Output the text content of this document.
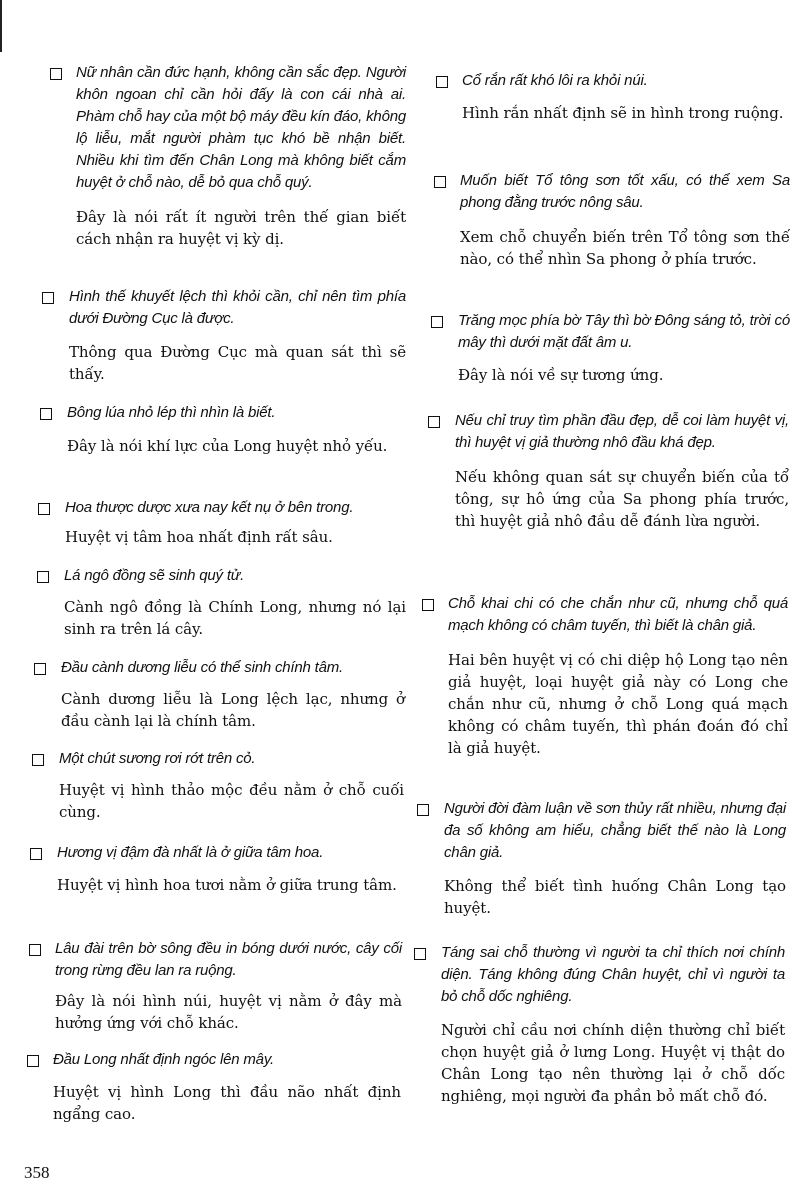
Nữ nhân cần đức hạnh, không cần sắc đẹp. Người khôn ngoan chỉ cần hỏi đấy là con cái nhà ai. Phàm chỗ hay của một bộ máy đều kín đáo, không lộ liễu, mắt người phàm tục khó bề nhận biết. Nhiều khi tìm đến Chân Long mà không biết cắm huyệt ở chỗ nào, dễ bỏ qua chỗ quý.

Đây là nói rất ít người trên thế gian biết cách nhận ra huyệt vị kỳ dị.

Hình thế khuyết lệch thì khỏi cần, chỉ nên tìm phía dưới Đường Cục là được.

Thông qua Đường Cục mà quan sát thì sẽ thấy.

Bông lúa nhỏ lép thì nhìn là biết.

Đây là nói khí lực của Long huyệt nhỏ yếu.

Hoa thược dược xưa nay kết nụ ở bên trong.

Huyệt vị tâm hoa nhất định rất sâu.

Lá ngô đồng sẽ sinh quý tử.

Cành ngô đồng là Chính Long, nhưng nó lại sinh ra trên lá cây.

Đầu cành dương liễu có thể sinh chính tâm.

Cành dương liễu là Long lệch lạc, nhưng ở đầu cành lại là chính tâm.

Một chút sương rơi rớt trên cỏ.

Huyệt vị hình thảo mộc đều nằm ở chỗ cuối cùng.

Hương vị đậm đà nhất là ở giữa tâm hoa.

Huyệt vị hình hoa tươi nằm ở giữa trung tâm.

Lâu đài trên bờ sông đều in bóng dưới nước, cây cối trong rừng đều lan ra ruộng.

Đây là nói hình núi, huyệt vị nằm ở đây mà hưởng ứng với chỗ khác.

Đầu Long nhất định ngóc lên mây.

Huyệt vị hình Long thì đầu não nhất định ngẩng cao.

Cổ rắn rất khó lôi ra khỏi núi.

Hình rắn nhất định sẽ in hình trong ruộng.

Muốn biết Tổ tông sơn tốt xấu, có thể xem Sa phong đằng trước nông sâu.

Xem chỗ chuyển biến trên Tổ tông sơn thế nào, có thể nhìn Sa phong ở phía trước.

Trăng mọc phía bờ Tây thì bờ Đông sáng tỏ, trời có mây thì dưới mặt đất âm u.

Đây là nói về sự tương ứng.

Nếu chỉ truy tìm phần đầu đẹp, dễ coi làm huyệt vị, thì huyệt vị giả thường nhô đầu khá đẹp.

Nếu không quan sát sự chuyển biến của tổ tông, sự hô ứng của Sa phong phía trước, thì huyệt giả nhô đầu dễ đánh lừa người.

Chỗ khai chi có che chắn như cũ, nhưng chỗ quá mạch không có châm tuyến, thì biết là chân giả.

Hai bên huyệt vị có chi diệp hộ Long tạo nên giả huyệt, loại huyệt giả này có Long che chắn như cũ, nhưng ở chỗ Long quá mạch không có châm tuyến, thì phán đoán đó chỉ là giả huyệt.

Người đời đàm luận về sơn thủy rất nhiều, nhưng đại đa số không am hiểu, chẳng biết thế nào là Long chân giả.

Không thể biết tình huống Chân Long tạo huyệt.

Táng sai chỗ thường vì người ta chỉ thích nơi chính diện. Táng không đúng Chân huyệt, chỉ vì người ta bỏ chỗ dốc nghiêng.

Người chỉ cầu nơi chính diện thường chỉ biết chọn huyệt giả ở lưng Long. Huyệt vị thật do Chân Long tạo nên thường lại ở chỗ dốc nghiêng, mọi người đa phần bỏ mất chỗ đó.

358
